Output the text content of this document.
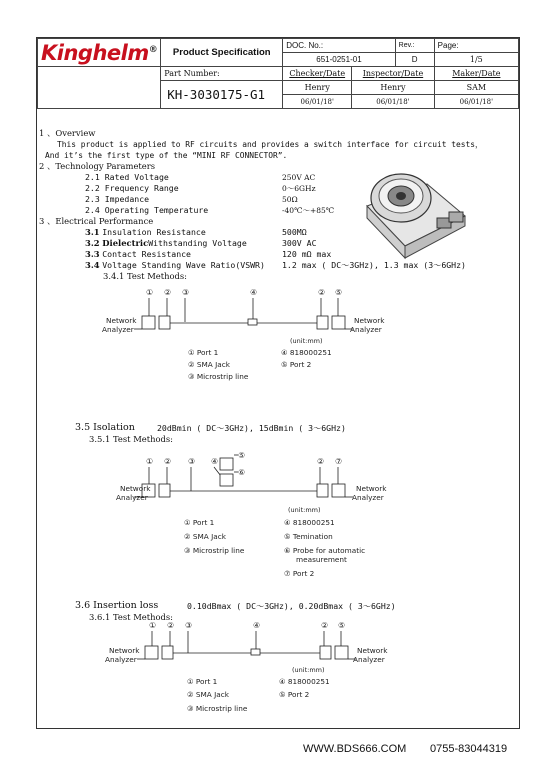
Kinghelm®	Product Specification	DOC. No.:		Rev.:	Page:
		651-0251-01		D	1/5
	Part Number:	Checker/Date	Inspector/Date		Maker/Date
	KH-3030175-G1	Henry	Henry		SAM
		06/01/18'	06/01/18'		06/01/18'
1 、Overview
This product is applied to RF circuits and provides a switch interface for circuit tests，
And it’s the first type of the “MINI RF CONNECTOR”.
2 、Technology Parameters
2.1 Rated Voltage	250V AC
2.2 Frequency Range	0～6GHz
2.3 Impedance	50Ω
2.4 Operating Temperature	-40℃～+85℃
3 、Electrical Performance
3.1 Insulation Resistance	500MΩ
3.2 DielectricWithstanding Voltage	300V AC
3.3 Contact Resistance	120 mΩ max
3.4 Voltage Standing Wave Ratio(VSWR) 1.2 max ( DC～3GHz), 1.3 max (3～6GHz)
3.4.1 Test Methods:
3.5 Isolation	20dBmin ( DC～3GHz), 15dBmin ( 3～6GHz)
3.5.1 Test Methods:
3.6 Insertion loss	0.10dBmax ( DC～3GHz), 0.20dBmax ( 3～6GHz)
3.6.1 Test Methods:
① ② ③	④	② ⑤
Network
Analyzer
Network
Analyzer
(unit:mm)
① Port 1
② SMA Jack
③ Microstrip line
④ 818000251
⑤ Port 2
① ② ③ ④
⑤
⑥
② ⑦
Network
Analyzer
Network
Analyzer
(unit:mm)
① Port 1
② SMA Jack
③ Microstrip line
④ 818000251
⑤ Temination
⑥ Probe for automatic
measurement
⑦ Port 2
① ② ③	④	② ⑤
Network
Analyzer
Network
Analyzer
(unit:mm)
① Port 1
② SMA Jack
③ Microstrip line
④ 818000251
⑤ Port 2
WWW.BDS666.COM 0755-83044319
